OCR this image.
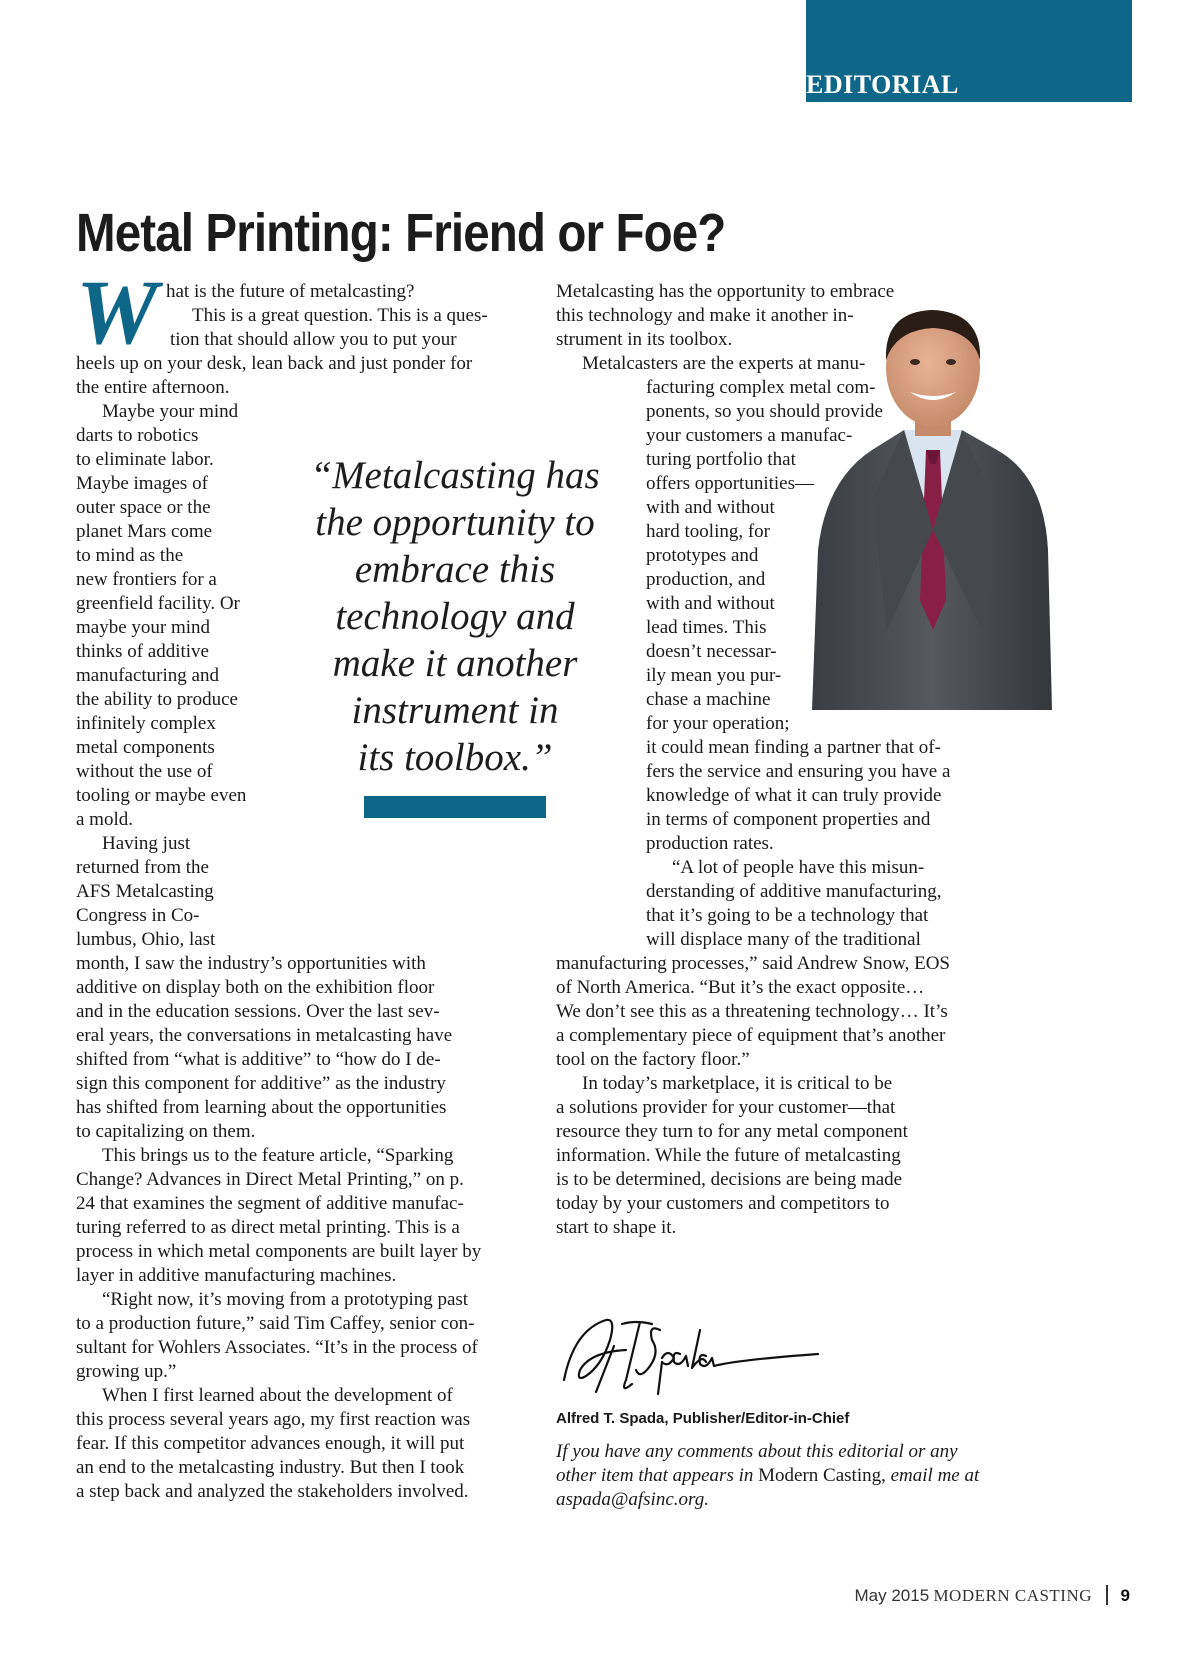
EDITORIAL
Metal Printing: Friend or Foe?
W hat is the future of metalcasting?
This is a great question. This is a ques-
tion that should allow you to put your
heels up on your desk, lean back and just ponder for
the entire afternoon.
Maybe your mind
darts to robotics
to eliminate labor.
Maybe images of
outer space or the
planet Mars come
to mind as the
new frontiers for a
greenfield facility. Or
maybe your mind
thinks of additive
manufacturing and
the ability to produce
infinitely complex
metal components
without the use of
tooling or maybe even
a mold.
Having just
returned from the
AFS Metalcasting
Congress in Co-
lumbus, Ohio, last
month, I saw the industry’s opportunities with
additive on display both on the exhibition floor
and in the education sessions. Over the last sev-
eral years, the conversations in metalcasting have
shifted from “what is additive” to “how do I de-
sign this component for additive” as the industry
has shifted from learning about the opportunities
to capitalizing on them.
This brings us to the feature article, “Sparking
Change? Advances in Direct Metal Printing,” on p.
24 that examines the segment of additive manufac-
turing referred to as direct metal printing. This is a
process in which metal components are built layer by
layer in additive manufacturing machines.
“Right now, it’s moving from a prototyping past
to a production future,” said Tim Caffey, senior con-
sultant for Wohlers Associates. “It’s in the process of
growing up.”
When I first learned about the development of
this process several years ago, my first reaction was
fear. If this competitor advances enough, it will put
an end to the metalcasting industry. But then I took
a step back and analyzed the stakeholders involved.
“Metalcasting has
the opportunity to
embrace this
technology and
make it another
instrument in
its toolbox.”
Metalcasting has the opportunity to embrace
this technology and make it another in-
strument in its toolbox.
Metalcasters are the experts at manu-
facturing complex metal com-
ponents, so you should provide
your customers a manufac-
turing portfolio that
offers opportunities—
with and without
hard tooling, for
prototypes and
production, and
with and without
lead times. This
doesn’t necessar-
ily mean you pur-
chase a machine
for your operation;
it could mean finding a partner that of-
fers the service and ensuring you have a
knowledge of what it can truly provide
in terms of component properties and
production rates.
“A lot of people have this misun-
derstanding of additive manufacturing,
that it’s going to be a technology that
will displace many of the traditional
manufacturing processes,” said Andrew Snow, EOS
of North America. “But it’s the exact opposite…
We don’t see this as a threatening technology… It’s
a complementary piece of equipment that’s another
tool on the factory floor.”
In today’s marketplace, it is critical to be
a solutions provider for your customer—that
resource they turn to for any metal component
information. While the future of metalcasting
is to be determined, decisions are being made
today by your customers and competitors to
start to shape it.
Alfred T. Spada, Publisher/Editor-in-Chief
If you have any comments about this editorial or any
other item that appears in Modern Casting, email me at
aspada@afsinc.org.
May 2015 MODERN CASTING 9
